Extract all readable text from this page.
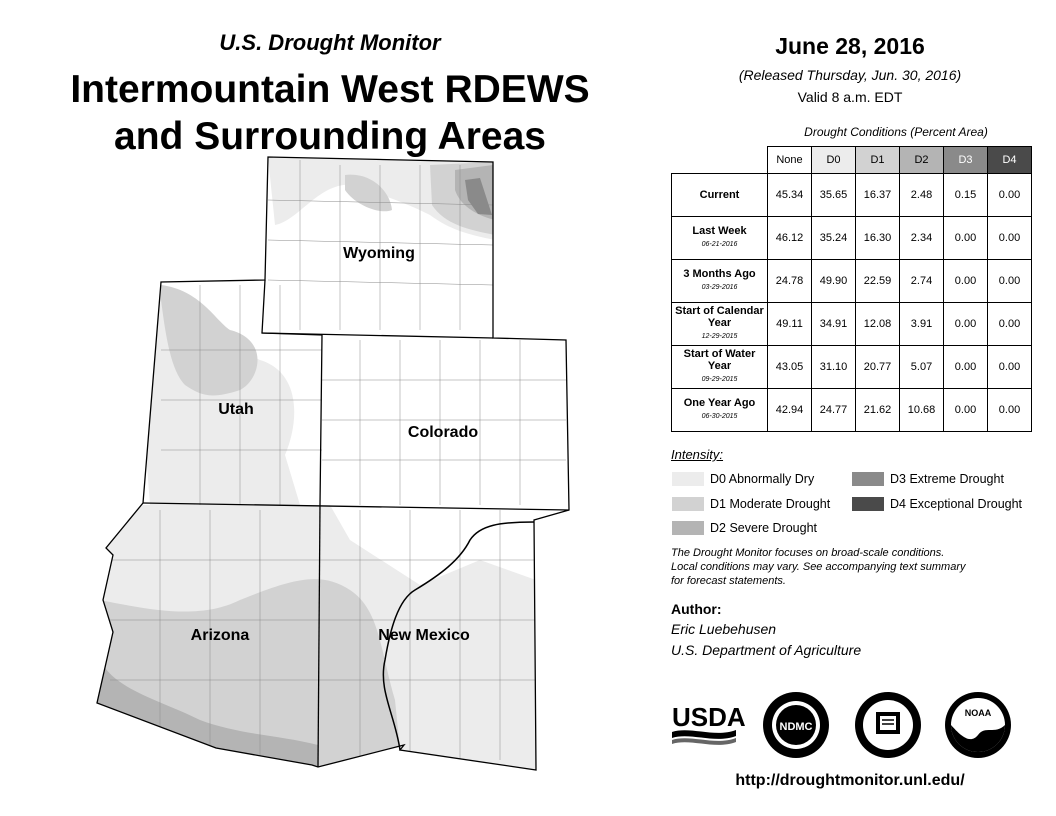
U.S. Drought Monitor
Intermountain West RDEWS
and Surrounding Areas
Wyoming
Utah
Colorado
Arizona	New Mexico
June 28, 2016
(Released Thursday, Jun. 30, 2016)
Valid 8 a.m. EDT
Drought Conditions (Percent Area)
	None	D0	D1	D2	D3	D4
Current	45.34	35.65	16.37	2.48	0.15	0.00
Last Week
06-21-2016	46.12	35.24	16.30	2.34	0.00	0.00
3 Months Ago
03-29-2016	24.78	49.90	22.59	2.74	0.00	0.00
Start of Calendar Year
12-29-2015	49.11	34.91	12.08	3.91	0.00	0.00
Start of Water Year
09-29-2015	43.05	31.10	20.77	5.07	0.00	0.00
One Year Ago
06-30-2015	42.94	24.77	21.62	10.68	0.00	0.00
Intensity:
D0 Abnormally Dry
D1 Moderate Drought
D2 Severe Drought
D3 Extreme Drought
D4 Exceptional Drought
The Drought Monitor focuses on broad-scale conditions.
Local conditions may vary. See accompanying text summary
for forecast statements.
Author:
Eric Luebehusen
U.S. Department of Agriculture
USDA	NDMC
NOAA
http://droughtmonitor.unl.edu/
